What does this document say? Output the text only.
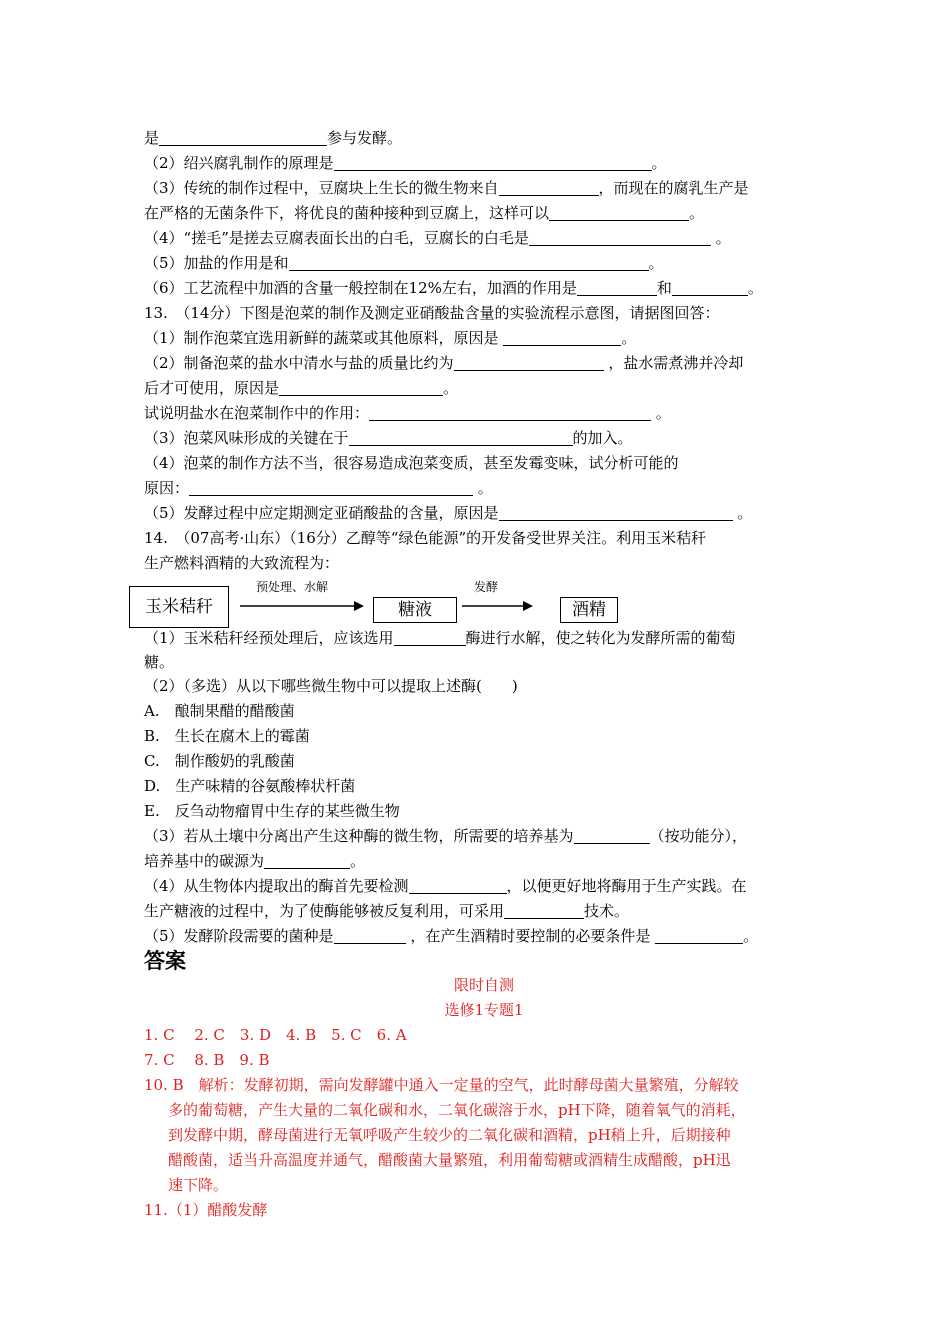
是	参与发酵。
（2）绍兴腐乳制作的原理是	。
（3）传统的制作过程中，豆腐块上生长的微生物来自	，而现在的腐乳生产是
在严格的无菌条件下，将优良的菌种接种到豆腐上，这样可以	。
（4）“搓毛”是搓去豆腐表面长出的白毛，豆腐长的白毛是	。
（5）加盐的作用是和	。
（6）工艺流程中加酒的含量一般控制在12%左右，加酒的作用是	和	。
13.　（14分）下图是泡菜的制作及测定亚硝酸盐含量的实验流程示意图，请据图回答：
（1）制作泡菜宜选用新鲜的蔬菜或其他原料，原因是	。
（2）制备泡菜的盐水中清水与盐的质量比约为	，盐水需煮沸并冷却
后才可使用，原因是	。
试说明盐水在泡菜制作中的作用：	。
（3）泡菜风味形成的关键在于	的加入。
（4）泡菜的制作方法不当，很容易造成泡菜变质，甚至发霉变味，试分析可能的
原因：	。
（5）发酵过程中应定期测定亚硝酸盐的含量，原因是	。
14.　（07高考·山东）（16分）乙醇等“绿色能源”的开发备受世界关注。利用玉米秸秆
生产燃料酒精的大致流程为：
玉米秸秆
预处理、水解
糖液
发酵
酒精
（1）玉米秸秆经预处理后，应该选用	酶进行水解，使之转化为发酵所需的葡萄
糖。
（2）（多选）从以下哪些微生物中可以提取上述酶(　　)
A.　酿制果醋的醋酸菌
B.　生长在腐木上的霉菌
C.　制作酸奶的乳酸菌
D.　生产味精的谷氨酸棒状杆菌
E.　反刍动物瘤胃中生存的某些微生物
（3）若从土壤中分离出产生这种酶的微生物，所需要的培养基为	（按功能分），
培养基中的碳源为	。
（4）从生物体内提取出的酶首先要检测	，以便更好地将酶用于生产实践。在
生产糖液的过程中，为了使酶能够被反复利用，可采用	技术。
（5）发酵阶段需要的菌种是	，在产生酒精时要控制的必要条件是	。
答案
限时自测
选修1专题1
1. C　 2. C　3. D　4. B　5. C　6. A
7. C　 8. B　9. B
10. B　解析：发酵初期，需向发酵罐中通入一定量的空气，此时酵母菌大量繁殖，分解较
多的葡萄糖，产生大量的二氧化碳和水，二氧化碳溶于水，pH下降，随着氧气的消耗，
到发酵中期，酵母菌进行无氧呼吸产生较少的二氧化碳和酒精，pH稍上升，后期接种
醋酸菌，适当升高温度并通气，醋酸菌大量繁殖，利用葡萄糖或酒精生成醋酸，pH迅
速下降。
11.（1）醋酸发酵
